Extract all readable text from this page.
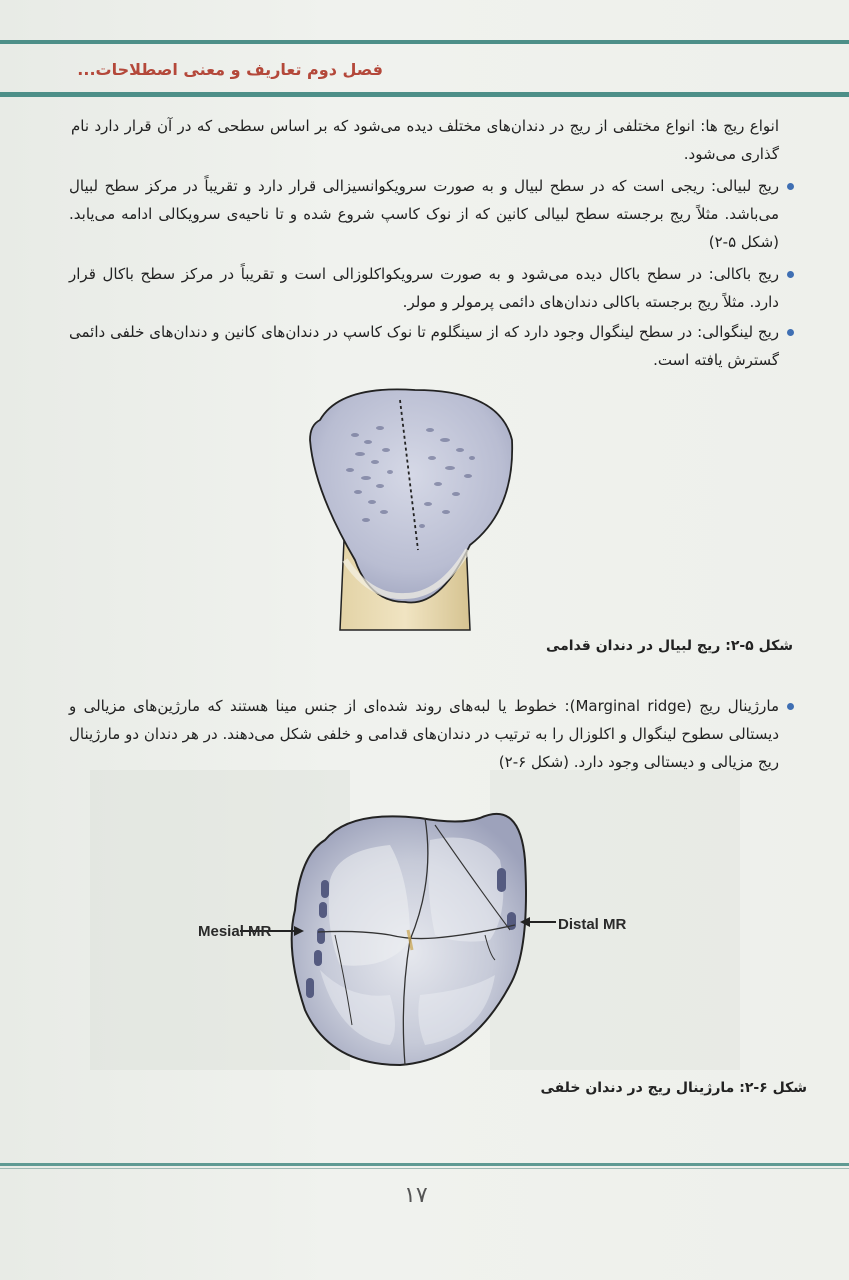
فصل دوم تعاریف و معنی اصطلاحات...
انواع ریج ها: انواع مختلفی از ریج در دندان‌های مختلف دیده می‌شود که بر اساس سطحی که در آن قرار دارد نام گذاری می‌شود.
ریج لبیالی: ریجی است که در سطح لبیال و به صورت سرویکوانسیزالی قرار دارد و تقریباً در مرکز سطح لبیال می‌باشد. مثلاً ریج برجسته سطح لبیالی کانین که از نوک کاسپ شروع شده و تا ناحیه‌ی سرویکالی ادامه می‌یابد. (شکل ۵-۲)
ریج باکالی: در سطح باکال دیده می‌شود و به صورت سرویکواکلوزالی است و تقریباً در مرکز سطح باکال قرار دارد. مثلاً ریج برجسته باکالی دندان‌های دائمی پرمولر و مولر.
ریج لینگوالی: در سطح لینگوال وجود دارد که از سینگلوم تا نوک کاسپ در دندان‌های کانین و دندان‌های خلفی دائمی گسترش یافته است.
شکل ۵-۲: ریج لبیال در دندان قدامی
مارژینال ریج (Marginal ridge): خطوط یا لبه‌های روند شده‌ای از جنس مینا هستند که مارژین‌های مزیالی و دیستالی سطوح لینگوال و اکلوزال را به ترتیب در دندان‌های قدامی و خلفی شکل می‌دهند. در هر دندان دو مارژینال ریج مزیالی و دیستالی وجود دارد. (شکل ۶-۲)
Mesial MR	Distal MR
شکل ۶-۲: مارژینال ریج در دندان خلفی
۱۷
